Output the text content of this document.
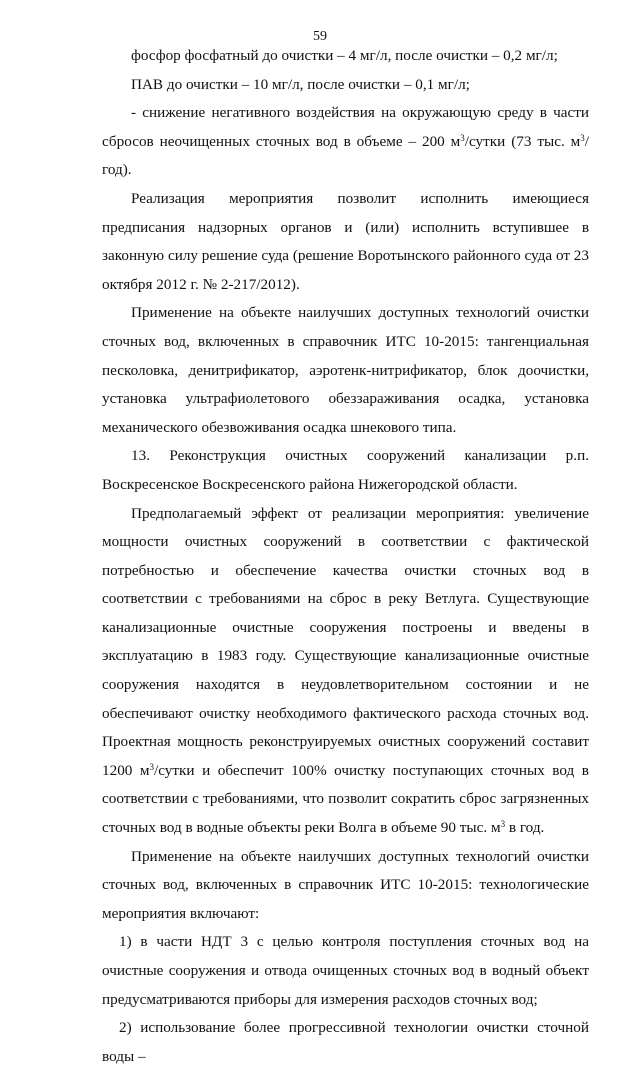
59

фосфор фосфатный до очистки – 4 мг/л, после очистки – 0,2 мг/л;

ПАВ до очистки – 10 мг/л, после очистки – 0,1 мг/л;

- снижение негативного воздействия на окружающую среду в части сбросов неочищенных сточных вод в объеме – 200 $м^3$/сутки (73 тыс. $м^3/год$).

Реализация мероприятия позволит исполнить имеющиеся предписания надзорных органов и (или) исполнить вступившее в законную силу решение суда (решение Воротынского районного суда от 23 октября 2012 г. № 2-217/2012).

Применение на объекте наилучших доступных технологий очистки сточных вод, включенных в справочник ИТС 10-2015: тангенциальная песколовка, денитрификатор, аэротенк-нитрификатор, блок доочистки, установка ультрафиолетового обеззараживания осадка, установка механического обезвоживания осадка шнекового типа.

13. Реконструкция очистных сооружений канализации р.п. Воскресенское Воскресенского района Нижегородской области.

Предполагаемый эффект от реализации мероприятия: увеличение мощности очистных сооружений в соответствии с фактической потребностью и обеспечение качества очистки сточных вод в соответствии с требованиями на сброс в реку Ветлуга. Существующие канализационные очистные сооружения построены и введены в эксплуатацию в 1983 году. Существующие канализационные очистные сооружения находятся в неудовлетворительном состоянии и не обеспечивают очистку необходимого фактического расхода сточных вод. Проектная мощность реконструируемых очистных сооружений составит 1200 $м^3$/сутки и обеспечит 100% очистку поступающих сточных вод в соответствии с требованиями, что позволит сократить сброс загрязненных сточных вод в водные объекты реки Волга в объеме 90 тыс. $м^3$ в год.

Применение на объекте наилучших доступных технологий очистки сточных вод, включенных в справочник ИТС 10-2015: технологические мероприятия включают:

1) в части НДТ 3 с целью контроля поступления сточных вод на очистные сооружения и отвода очищенных сточных вод в водный объект предусматриваются приборы для измерения расходов сточных вод;

2) использование более прогрессивной технологии очистки сточной воды –
